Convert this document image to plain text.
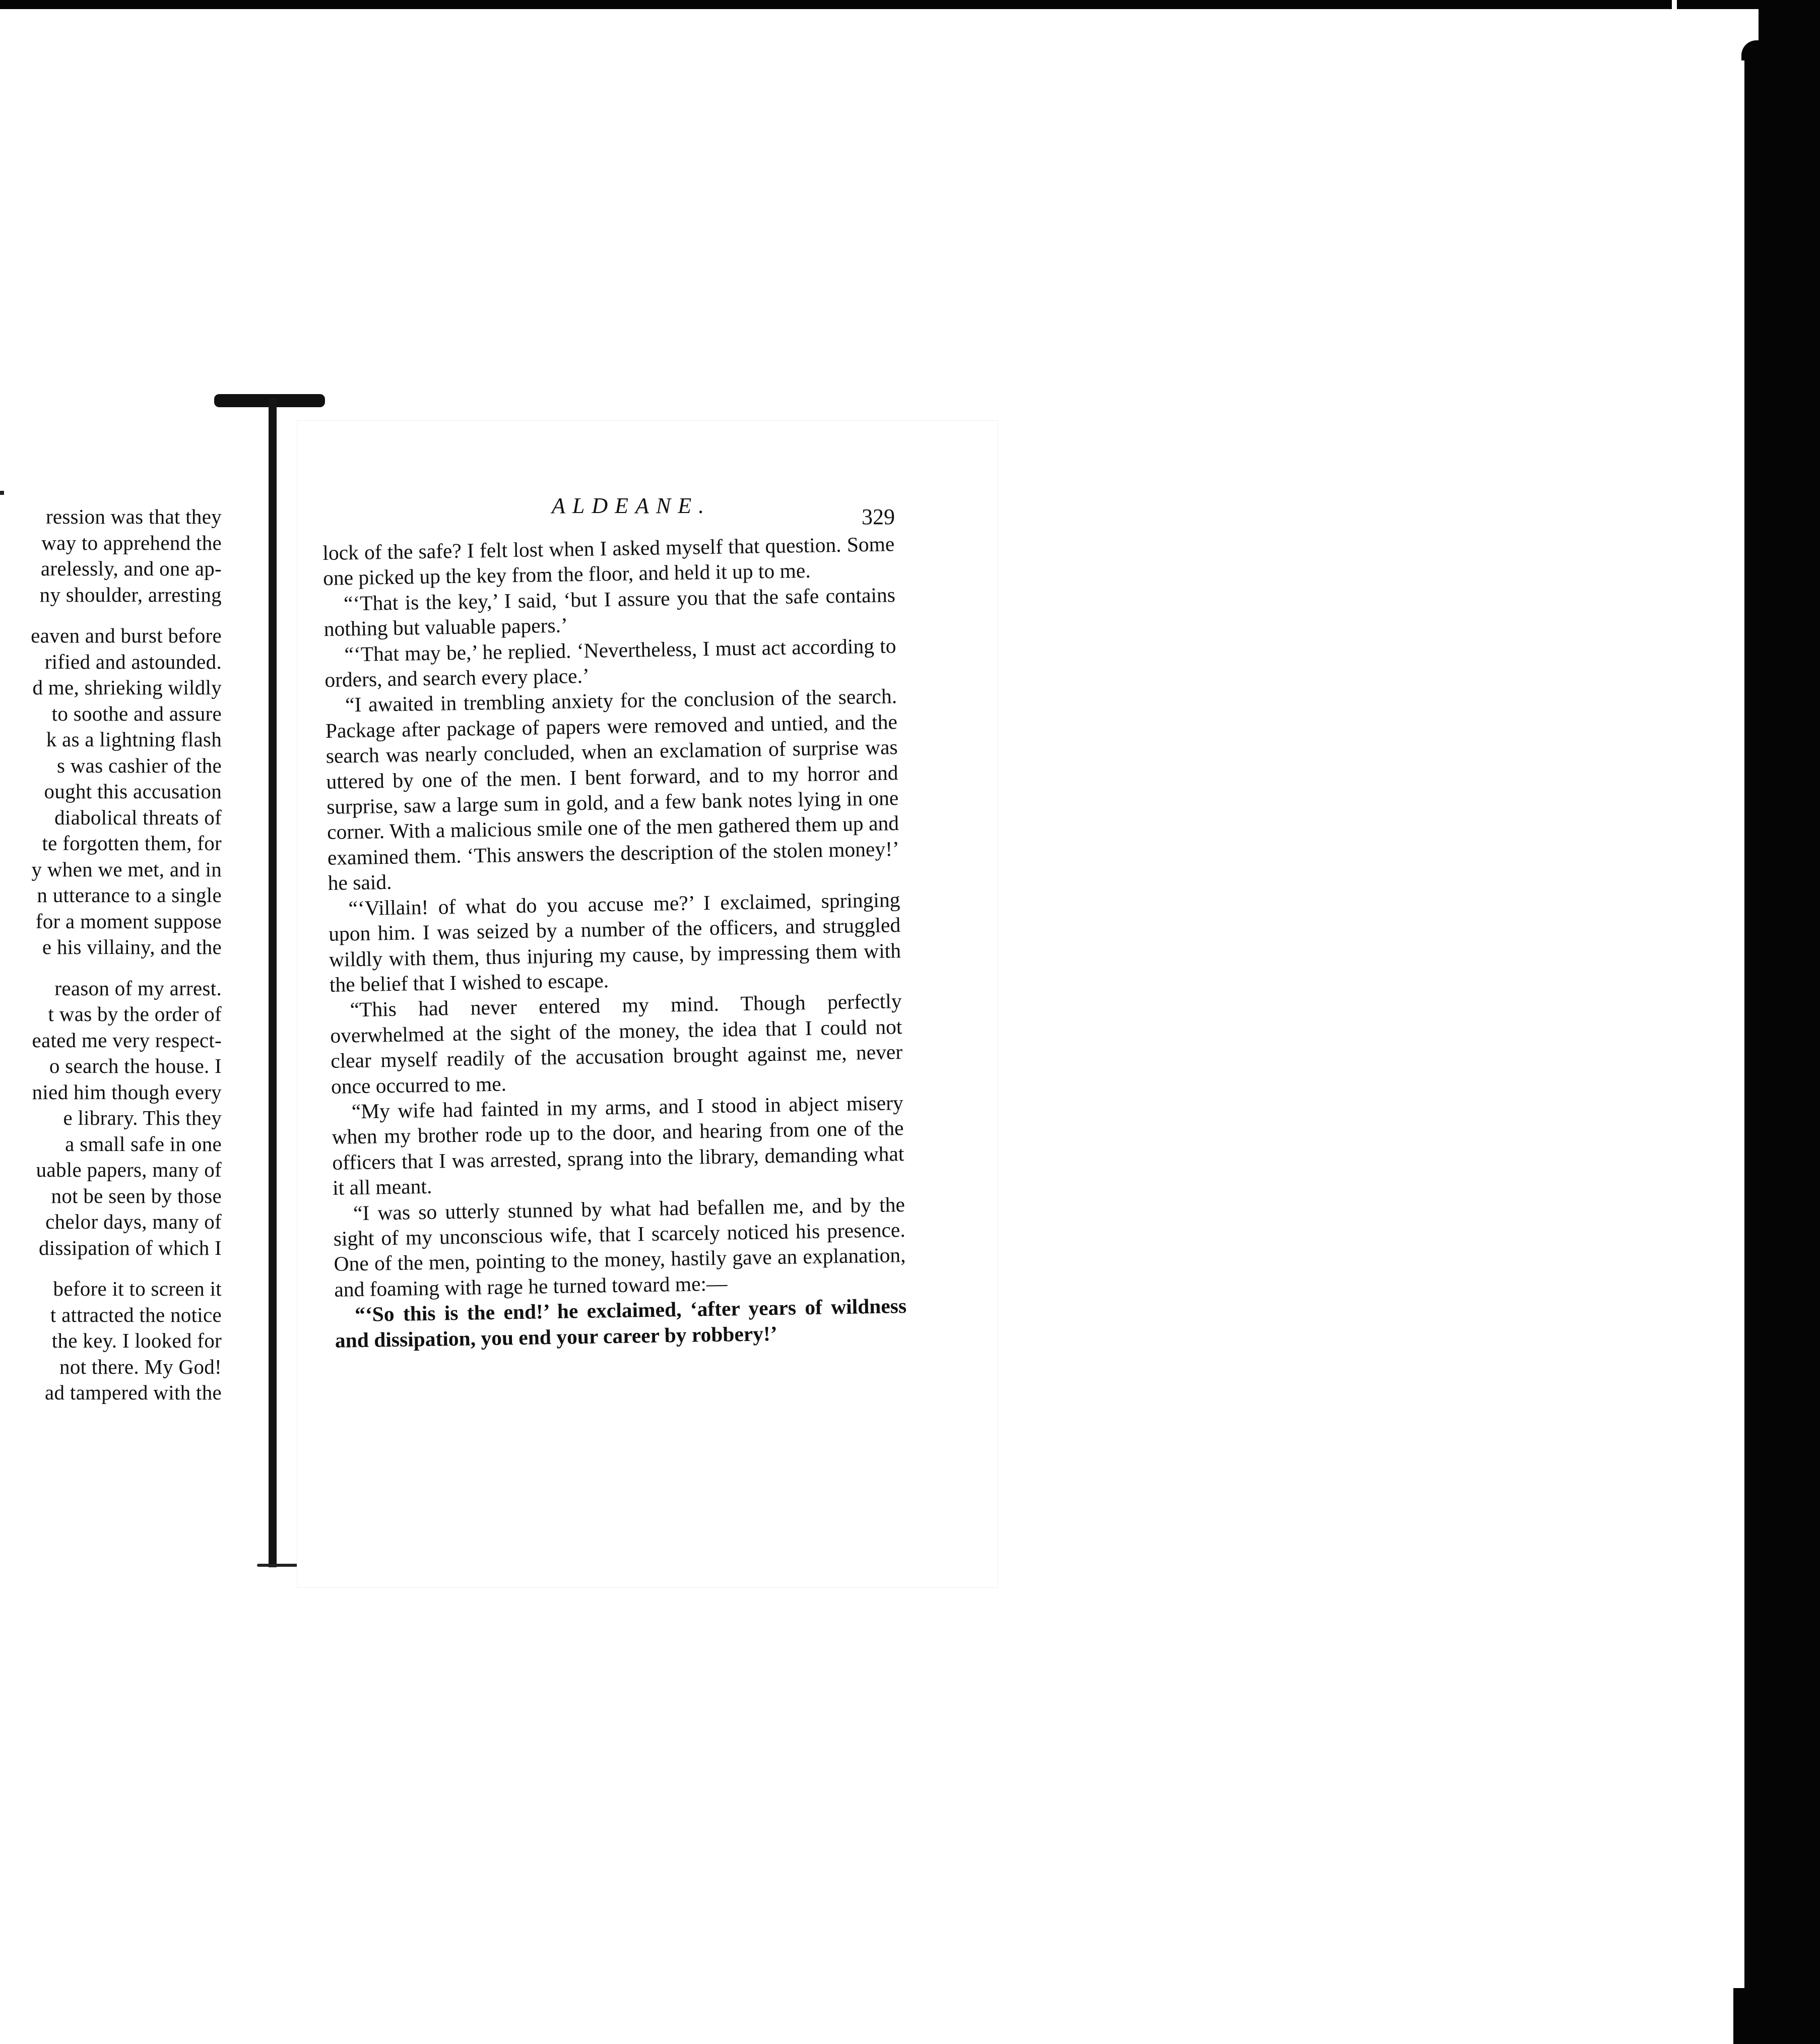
ression was that they
way to apprehend the
arelessly, and one ap-
ny shoulder, arresting
eaven and burst before
rified and astounded.
d me, shrieking wildly
to soothe and assure
k as a lightning flash
s was cashier of the
ought this accusation
diabolical threats of
te forgotten them, for
y when we met, and in
n utterance to a single
for a moment suppose
e his villainy, and the
reason of my arrest.
t was by the order of
eated me very respect-
o search the house. I
nied him though every
e library. This they
a small safe in one
uable papers, many of
not be seen by those
chelor days, many of
dissipation of which I
before it to screen it
t attracted the notice
the key. I looked for
not there. My God!
ad tampered with the
ALDEANE.	329

lock of the safe? I felt lost when I asked myself that question. Some one picked up the key from the floor, and held it up to me.

“‘That is the key,’ I said, ‘but I assure you that the safe contains nothing but valuable papers.’

“‘That may be,’ he replied. ‘Nevertheless, I must act according to orders, and search every place.’

“I awaited in trembling anxiety for the conclusion of the search. Package after package of papers were removed and untied, and the search was nearly concluded, when an exclamation of surprise was uttered by one of the men. I bent forward, and to my horror and surprise, saw a large sum in gold, and a few bank notes lying in one corner. With a malicious smile one of the men gathered them up and examined them. ‘This answers the description of the stolen money!’ he said.

“‘Villain! of what do you accuse me?’ I exclaimed, springing upon him. I was seized by a number of the officers, and struggled wildly with them, thus injuring my cause, by impressing them with the belief that I wished to escape.

“This had never entered my mind. Though perfectly overwhelmed at the sight of the money, the idea that I could not clear myself readily of the accusation brought against me, never once occurred to me.

“My wife had fainted in my arms, and I stood in abject misery when my brother rode up to the door, and hearing from one of the officers that I was arrested, sprang into the library, demanding what it all meant.

“I was so utterly stunned by what had befallen me, and by the sight of my unconscious wife, that I scarcely noticed his presence. One of the men, pointing to the money, hastily gave an explanation, and foaming with rage he turned toward me:—

“‘So this is the end!’ he exclaimed, ‘after years of wildness and dissipation, you end your career by robbery!’
